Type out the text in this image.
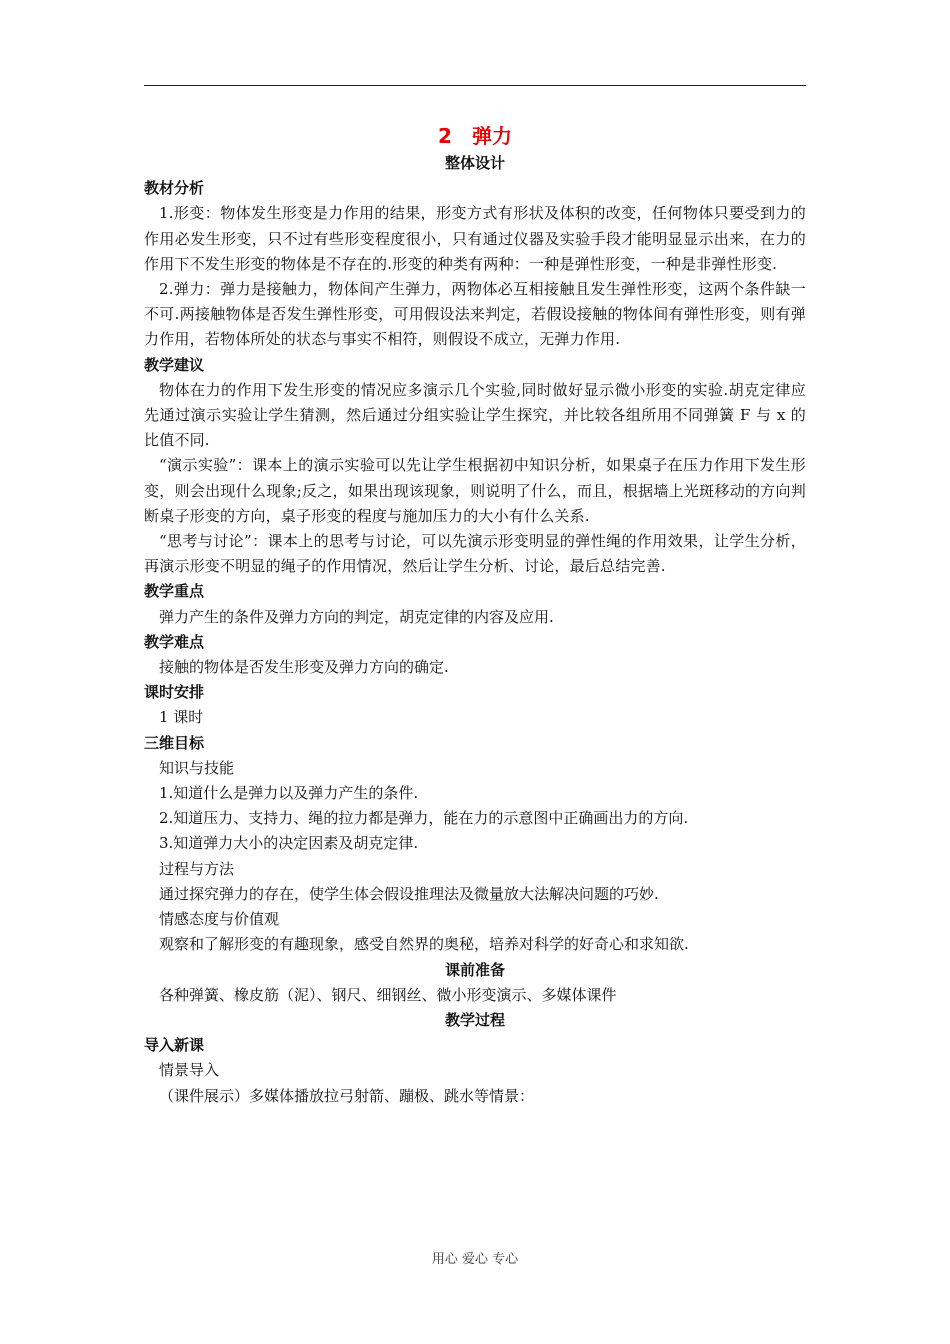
2　弹力
整体设计
教材分析

1.形变：物体发生形变是力作用的结果，形变方式有形状及体积的改变，任何物体只要受到力的作用必发生形变，只不过有些形变程度很小，只有通过仪器及实验手段才能明显显示出来，在力的作用下不发生形变的物体是不存在的.形变的种类有两种：一种是弹性形变，一种是非弹性形变.

2.弹力：弹力是接触力，物体间产生弹力，两物体必互相接触且发生弹性形变，这两个条件缺一不可.两接触物体是否发生弹性形变，可用假设法来判定，若假设接触的物体间有弹性形变，则有弹力作用，若物体所处的状态与事实不相符，则假设不成立，无弹力作用.

教学建议

物体在力的作用下发生形变的情况应多演示几个实验,同时做好显示微小形变的实验.胡克定律应先通过演示实验让学生猜测，然后通过分组实验让学生探究，并比较各组所用不同弹簧 F 与 x 的比值不同.

“演示实验”：课本上的演示实验可以先让学生根据初中知识分析，如果桌子在压力作用下发生形变，则会出现什么现象;反之，如果出现该现象，则说明了什么，而且，根据墙上光斑移动的方向判断桌子形变的方向，桌子形变的程度与施加压力的大小有什么关系.

“思考与讨论”：课本上的思考与讨论，可以先演示形变明显的弹性绳的作用效果，让学生分析，再演示形变不明显的绳子的作用情况，然后让学生分析、讨论，最后总结完善.

教学重点

弹力产生的条件及弹力方向的判定，胡克定律的内容及应用.

教学难点

接触的物体是否发生形变及弹力方向的确定.

课时安排

1 课时

三维目标

知识与技能

1.知道什么是弹力以及弹力产生的条件.

2.知道压力、支持力、绳的拉力都是弹力，能在力的示意图中正确画出力的方向.

3.知道弹力大小的决定因素及胡克定律.

过程与方法

通过探究弹力的存在，使学生体会假设推理法及微量放大法解决问题的巧妙.

情感态度与价值观

观察和了解形变的有趣现象，感受自然界的奥秘，培养对科学的好奇心和求知欲.

课前准备

各种弹簧、橡皮筋（泥）、钢尺、细钢丝、微小形变演示、多媒体课件

教学过程
导入新课

情景导入

（课件展示）多媒体播放拉弓射箭、蹦极、跳水等情景：

用心 爱心 专心
